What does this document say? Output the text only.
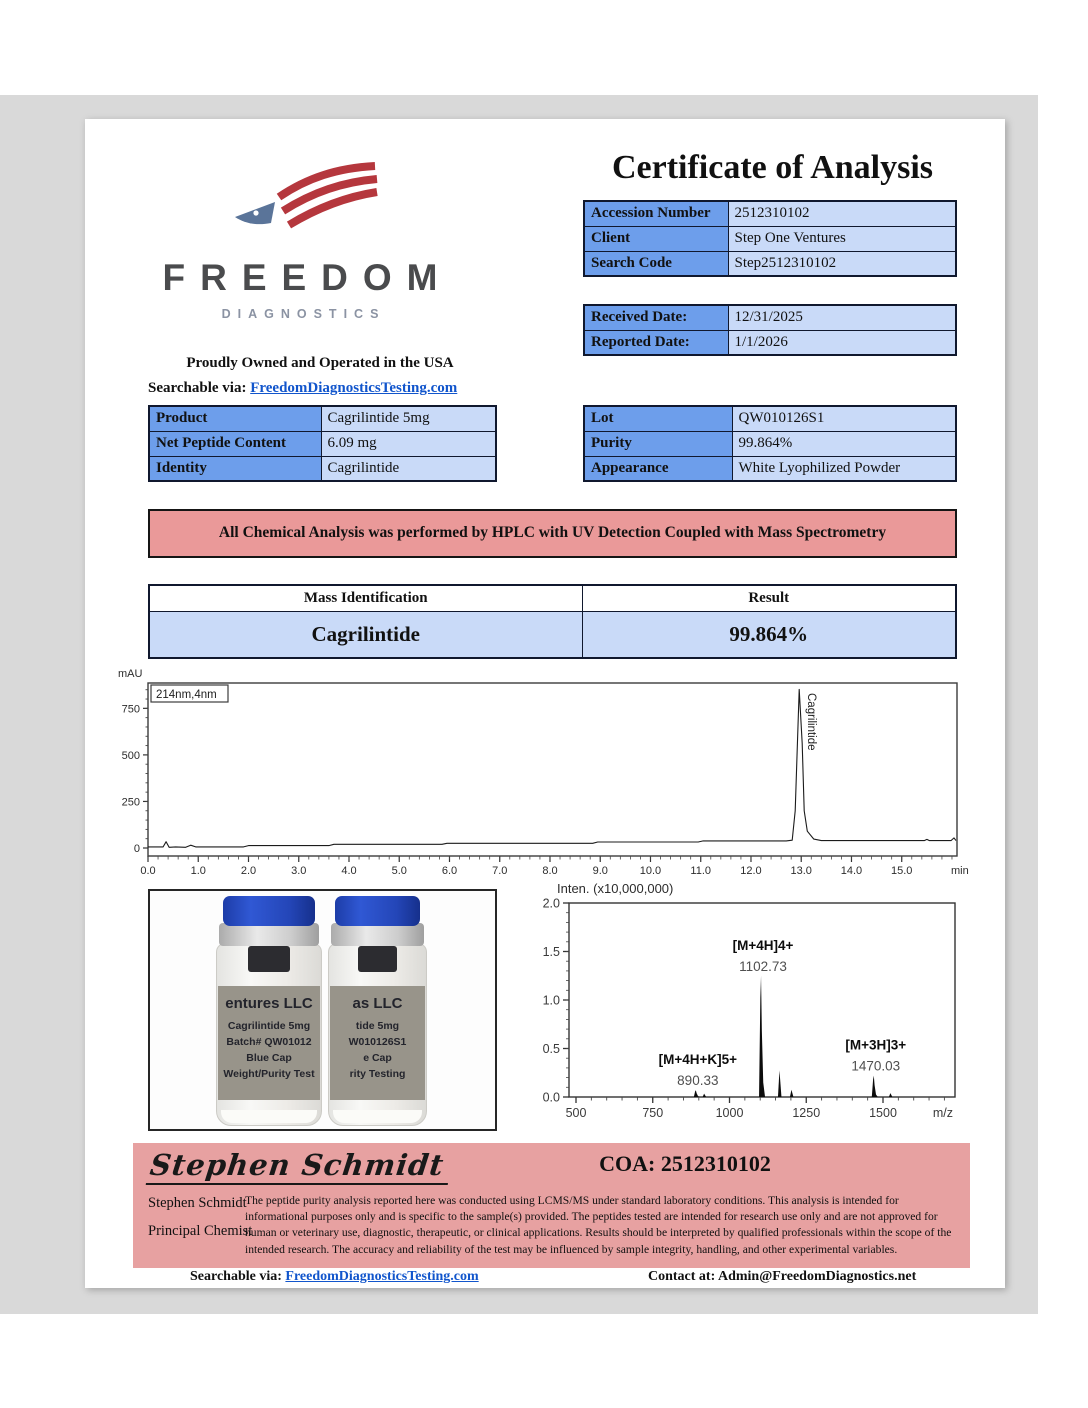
FREEDOM
DIAGNOSTICS
Proudly Owned and Operated in the USA
Searchable via: FreedomDiagnosticsTesting.com
Certificate of Analysis
Accession Number	2512310102
Client	Step One Ventures
Search Code	Step2512310102
Received Date:	12/31/2025
Reported Date:	1/1/2026
Product	Cagrilintide 5mg
Net Peptide Content	6.09 mg
Identity	Cagrilintide
Lot	QW010126S1
Purity	99.864%
Appearance	White Lyophilized Powder
All Chemical Analysis was performed by HPLC with UV Detection Coupled with Mass Spectrometry
Mass Identification	Result
Cagrilintide	99.864%
mAU
214nm,4nm
0
250
500
750
0.0	1.0	2.0	3.0	4.0	5.0	6.0	7.0	8.0	9.0	10.0	11.0	12.0	13.0	14.0	15.0	min
Cagrilintide
entures LLC
Cagrilintide 5mg
Batch# QW01012
Blue Cap
Weight/Purity Test
as LLC
tide 5mg
W010126S1
e Cap
rity Testing
Inten. (x10,000,000)
0.0
0.5
1.0
1.5
2.0
500	750	1000	1250	1500	m/z
[M+4H+K]5+
890.33
[M+4H]4+
1102.73
[M+3H]3+
1470.03
Stephen Schmidt	COA: 2512310102
Stephen Schmidt
Principal Chemist
The peptide purity analysis reported here was conducted using LCMS/MS under standard laboratory conditions. This analysis is intended for informational purposes only and is specific to the sample(s) provided. The peptides tested are intended for research use only and are not approved for human or veterinary use, diagnostic, therapeutic, or clinical applications. Results should be interpreted by qualified professionals within the scope of the intended research. The accuracy and reliability of the test may be influenced by sample integrity, handling, and other experimental variables.
Searchable via: FreedomDiagnosticsTesting.com	Contact at: Admin@FreedomDiagnostics.net
